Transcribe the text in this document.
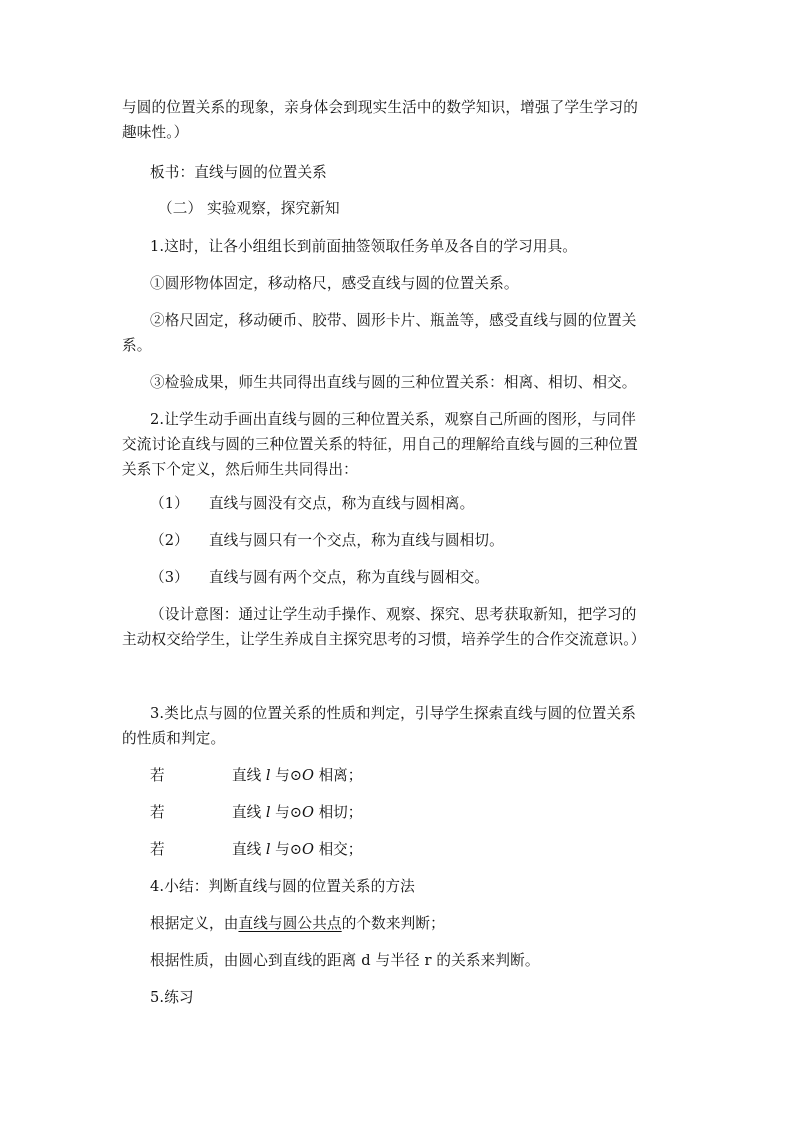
与圆的位置关系的现象，亲身体会到现实生活中的数学知识，增强了学生学习的
趣味性。）
板书：直线与圆的位置关系
（二） 实验观察，探究新知
1.这时，让各小组组长到前面抽签领取任务单及各自的学习用具。
①圆形物体固定，移动格尺，感受直线与圆的位置关系。
②格尺固定，移动硬币、胶带、圆形卡片、瓶盖等，感受直线与圆的位置关
系。
③检验成果，师生共同得出直线与圆的三种位置关系：相离、相切、相交。
2.让学生动手画出直线与圆的三种位置关系，观察自己所画的图形，与同伴
交流讨论直线与圆的三种位置关系的特征，用自己的理解给直线与圆的三种位置
关系下个定义，然后师生共同得出：
（1） 直线与圆没有交点，称为直线与圆相离。
（2） 直线与圆只有一个交点，称为直线与圆相切。
（3） 直线与圆有两个交点，称为直线与圆相交。
（设计意图：通过让学生动手操作、观察、探究、思考获取新知，把学习的
主动权交给学生，让学生养成自主探究思考的习惯，培养学生的合作交流意识。）
3.类比点与圆的位置关系的性质和判定，引导学生探索直线与圆的位置关系
的性质和判定。
若	直线 l 与⊙O 相离；
若	直线 l 与⊙O 相切；
若	直线 l 与⊙O 相交；
4.小结：判断直线与圆的位置关系的方法
根据定义，由直线与圆公共点的个数来判断；
根据性质，由圆心到直线的距离 d 与半径 r 的关系来判断。
5.练习
